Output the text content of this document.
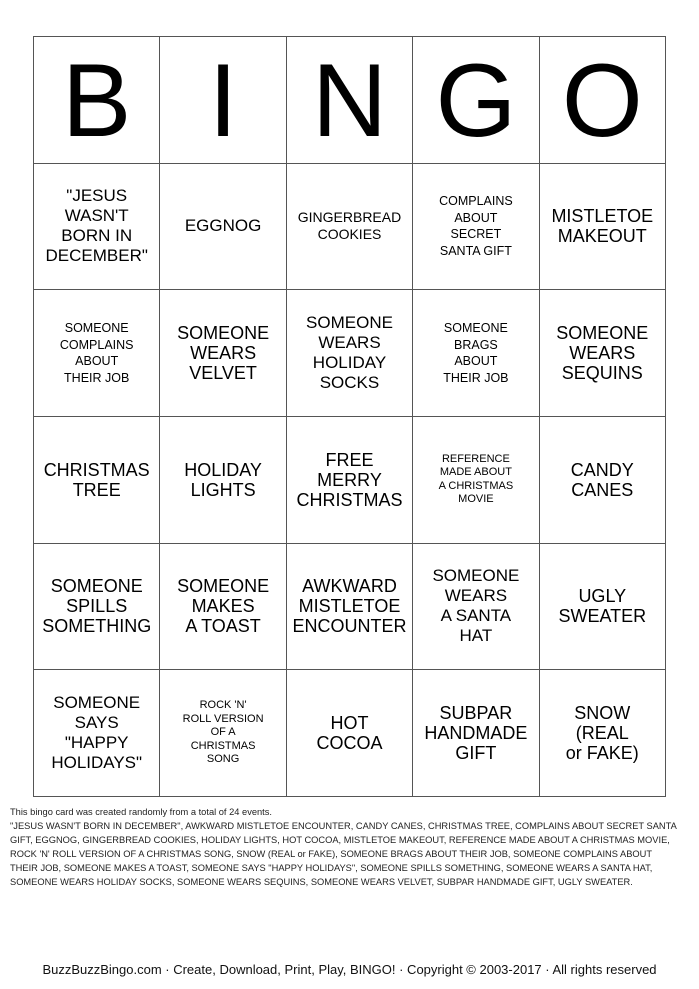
B I N G O
"JESUS
WASN'T
BORN IN
DECEMBER"
EGGNOG	GINGERBREAD
COOKIES
COMPLAINS
ABOUT
SECRET
SANTA GIFT
MISTLETOE
MAKEOUT
SOMEONE
COMPLAINS
ABOUT
THEIR JOB
SOMEONE
WEARS
VELVET
SOMEONE
WEARS
HOLIDAY
SOCKS
SOMEONE
BRAGS
ABOUT
THEIR JOB
SOMEONE
WEARS
SEQUINS
CHRISTMAS
TREE
HOLIDAY
LIGHTS
FREE
MERRY
CHRISTMAS
REFERENCE
MADE ABOUT
A CHRISTMAS
MOVIE
CANDY
CANES
SOMEONE
SPILLS
SOMETHING
SOMEONE
MAKES
A TOAST
AWKWARD
MISTLETOE
ENCOUNTER
SOMEONE
WEARS
A SANTA
HAT
UGLY
SWEATER
SOMEONE
SAYS
"HAPPY
HOLIDAYS"
ROCK 'N'
ROLL VERSION
OF A
CHRISTMAS
SONG
HOT
COCOA
SUBPAR
HANDMADE
GIFT
SNOW
(REAL
or FAKE)

This bingo card was created randomly from a total of 24 events.

"JESUS WASN'T BORN IN DECEMBER", AWKWARD MISTLETOE ENCOUNTER, CANDY CANES, CHRISTMAS TREE, COMPLAINS ABOUT SECRET SANTA

GIFT, EGGNOG, GINGERBREAD COOKIES, HOLIDAY LIGHTS, HOT COCOA, MISTLETOE MAKEOUT, REFERENCE MADE ABOUT A CHRISTMAS MOVIE,

ROCK 'N' ROLL VERSION OF A CHRISTMAS SONG, SNOW (REAL or FAKE), SOMEONE BRAGS ABOUT THEIR JOB, SOMEONE COMPLAINS ABOUT

THEIR JOB, SOMEONE MAKES A TOAST, SOMEONE SAYS "HAPPY HOLIDAYS", SOMEONE SPILLS SOMETHING, SOMEONE WEARS A SANTA HAT,

SOMEONE WEARS HOLIDAY SOCKS, SOMEONE WEARS SEQUINS, SOMEONE WEARS VELVET, SUBPAR HANDMADE GIFT, UGLY SWEATER.

BuzzBuzzBingo.com · Create, Download, Print, Play, BINGO! · Copyright © 2003-2017 · All rights reserved
